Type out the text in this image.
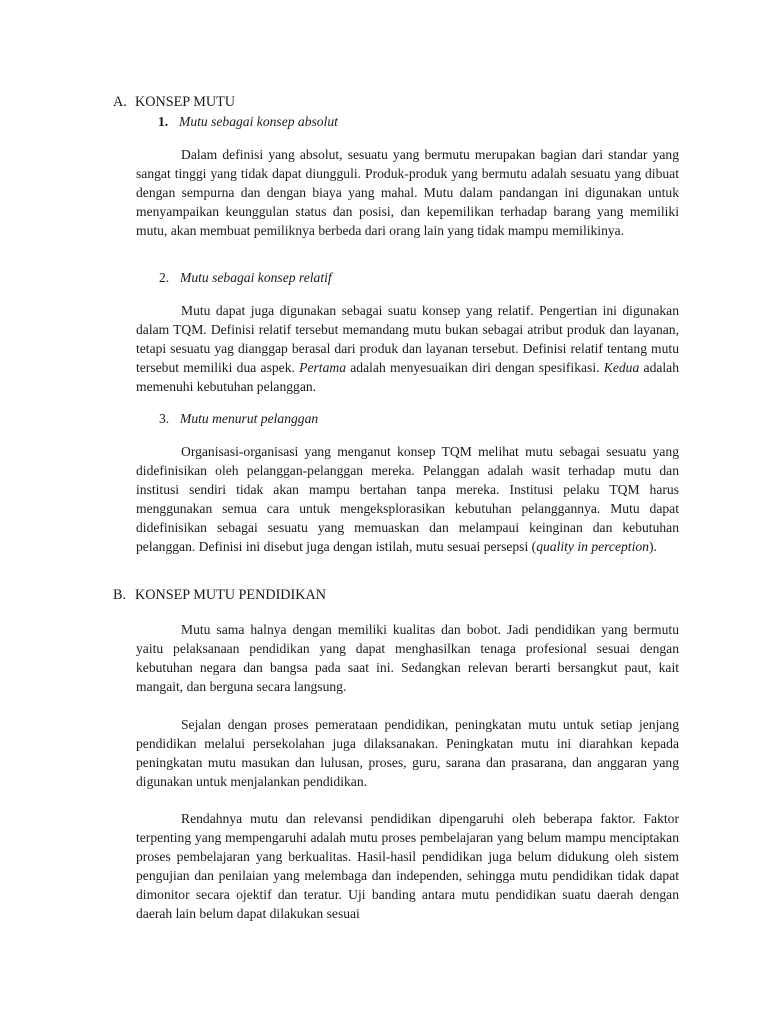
A. KONSEP MUTU
1. Mutu sebagai konsep absolut

Dalam definisi yang absolut, sesuatu yang bermutu merupakan bagian dari standar yang sangat tinggi yang tidak dapat diungguli. Produk-produk yang bermutu adalah sesuatu yang dibuat dengan sempurna dan dengan biaya yang mahal. Mutu dalam pandangan ini digunakan untuk menyampaikan keunggulan status dan posisi, dan kepemilikan terhadap barang yang memiliki mutu, akan membuat pemiliknya berbeda dari orang lain yang tidak mampu memilikinya.

2. Mutu sebagai konsep relatif

Mutu dapat juga digunakan sebagai suatu konsep yang relatif. Pengertian ini digunakan dalam TQM. Definisi relatif tersebut memandang mutu bukan sebagai atribut produk dan layanan, tetapi sesuatu yag dianggap berasal dari produk dan layanan tersebut. Definisi relatif tentang mutu tersebut memiliki dua aspek. Pertama adalah menyesuaikan diri dengan spesifikasi. Kedua adalah memenuhi kebutuhan pelanggan.

3. Mutu menurut pelanggan

Organisasi-organisasi yang menganut konsep TQM melihat mutu sebagai sesuatu yang didefinisikan oleh pelanggan-pelanggan mereka. Pelanggan adalah wasit terhadap mutu dan institusi sendiri tidak akan mampu bertahan tanpa mereka. Institusi pelaku TQM harus menggunakan semua cara untuk mengeksplorasikan kebutuhan pelanggannya. Mutu dapat didefinisikan sebagai sesuatu yang memuaskan dan melampaui keinginan dan kebutuhan pelanggan. Definisi ini disebut juga dengan istilah, mutu sesuai persepsi (quality in perception).

B. KONSEP MUTU PENDIDIKAN

Mutu sama halnya dengan memiliki kualitas dan bobot. Jadi pendidikan yang bermutu yaitu pelaksanaan pendidikan yang dapat menghasilkan tenaga profesional sesuai dengan kebutuhan negara dan bangsa pada saat ini. Sedangkan relevan berarti bersangkut paut, kait mangait, dan berguna secara langsung.

Sejalan dengan proses pemerataan pendidikan, peningkatan mutu untuk setiap jenjang pendidikan melalui persekolahan juga dilaksanakan. Peningkatan mutu ini diarahkan kepada peningkatan mutu masukan dan lulusan, proses, guru, sarana dan prasarana, dan anggaran yang digunakan untuk menjalankan pendidikan.

Rendahnya mutu dan relevansi pendidikan dipengaruhi oleh beberapa faktor. Faktor terpenting yang mempengaruhi adalah mutu proses pembelajaran yang belum mampu menciptakan proses pembelajaran yang berkualitas. Hasil-hasil pendidikan juga belum didukung oleh sistem pengujian dan penilaian yang melembaga dan independen, sehingga mutu pendidikan tidak dapat dimonitor secara ojektif dan teratur. Uji banding antara mutu pendidikan suatu daerah dengan daerah lain belum dapat dilakukan sesuai
